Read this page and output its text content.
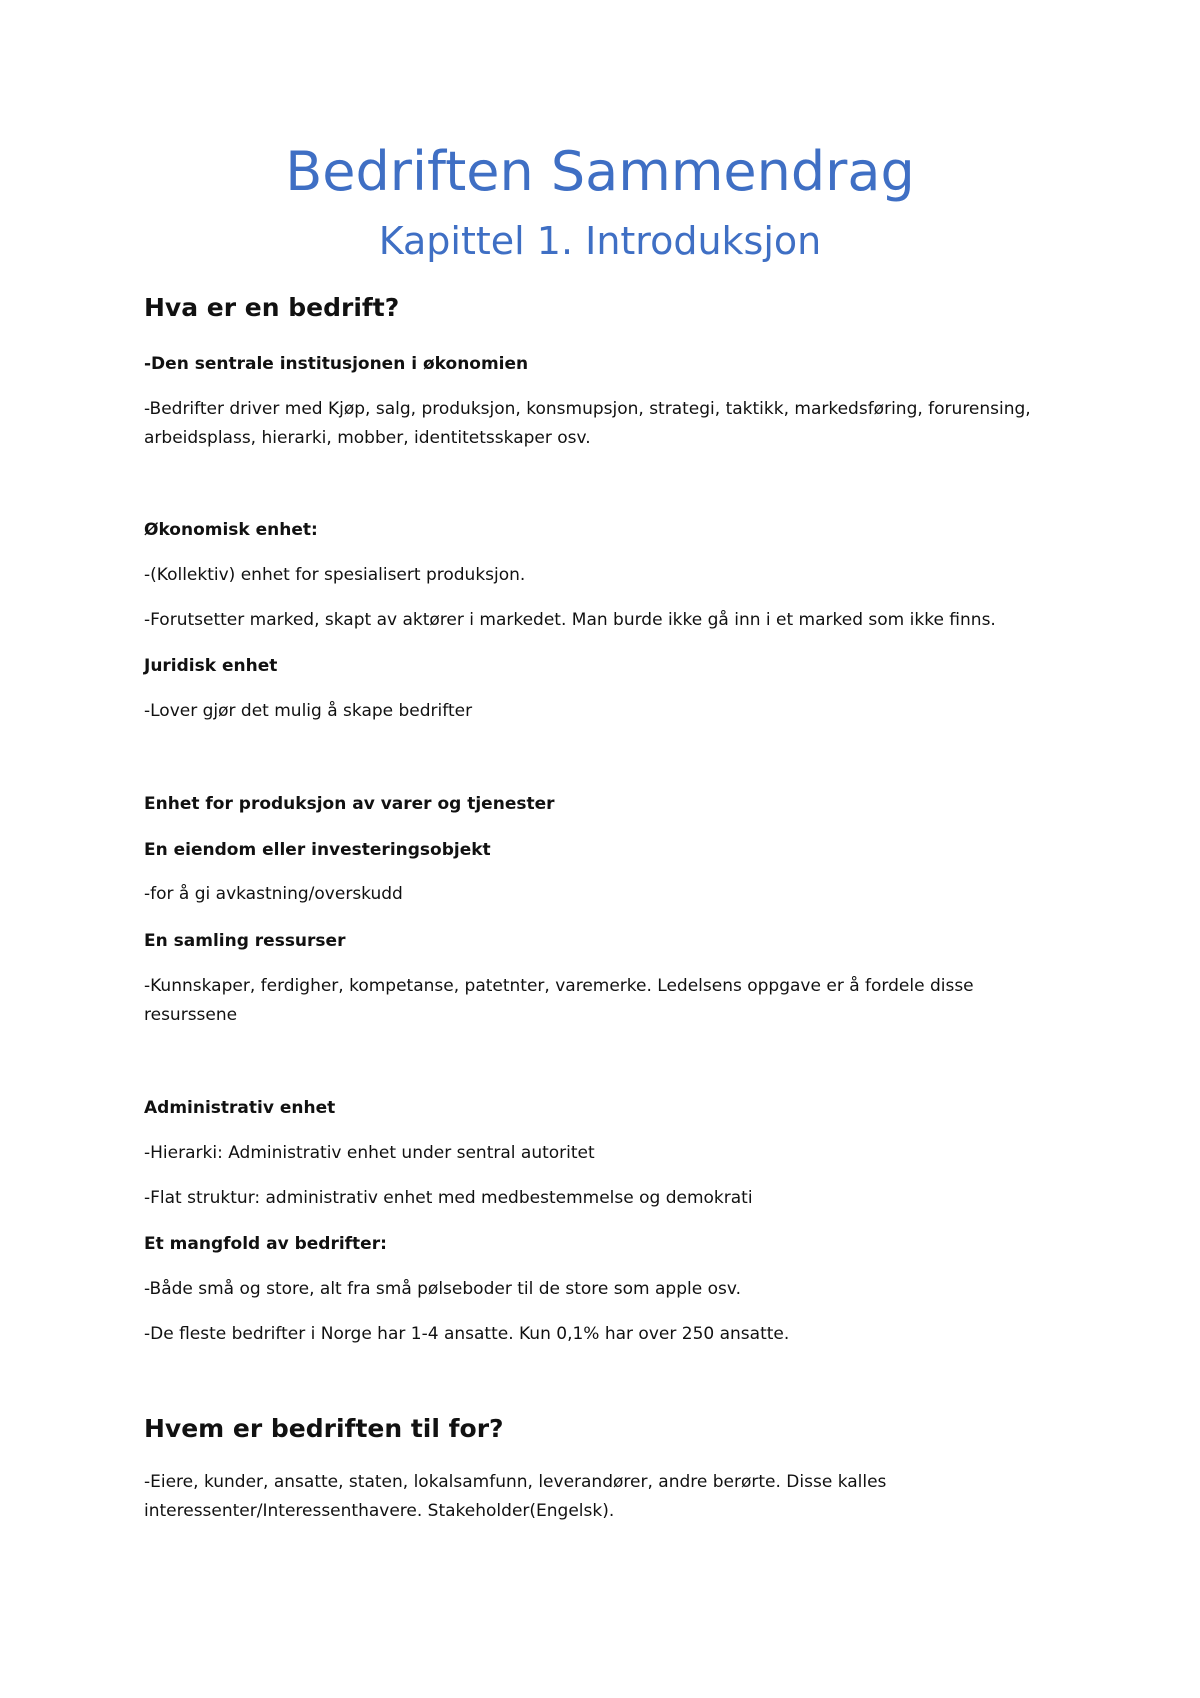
Bedriften Sammendrag
Kapittel 1. Introduksjon
Hva er en bedrift?
-Den sentrale institusjonen i økonomien
-Bedrifter driver med Kjøp, salg, produksjon, konsmupsjon, strategi, taktikk, markedsføring, forurensing, arbeidsplass, hierarki, mobber, identitetsskaper osv.
Økonomisk enhet:
-(Kollektiv) enhet for spesialisert produksjon.
-Forutsetter marked, skapt av aktører i markedet. Man burde ikke gå inn i et marked som ikke finns.
Juridisk enhet
-Lover gjør det mulig å skape bedrifter
Enhet for produksjon av varer og tjenester
En eiendom eller investeringsobjekt
-for å gi avkastning/overskudd
En samling ressurser
-Kunnskaper, ferdigher, kompetanse, patetnter, varemerke. Ledelsens oppgave er å fordele disse resurssene
Administrativ enhet
-Hierarki: Administrativ enhet under sentral autoritet
-Flat struktur: administrativ enhet med medbestemmelse og demokrati
Et mangfold av bedrifter:
-Både små og store, alt fra små pølseboder til de store som apple osv.
-De fleste bedrifter i Norge har 1-4 ansatte. Kun 0,1% har over 250 ansatte.
Hvem er bedriften til for?
-Eiere, kunder, ansatte, staten, lokalsamfunn, leverandører, andre berørte. Disse kalles interessenter/Interessenthavere. Stakeholder(Engelsk).
